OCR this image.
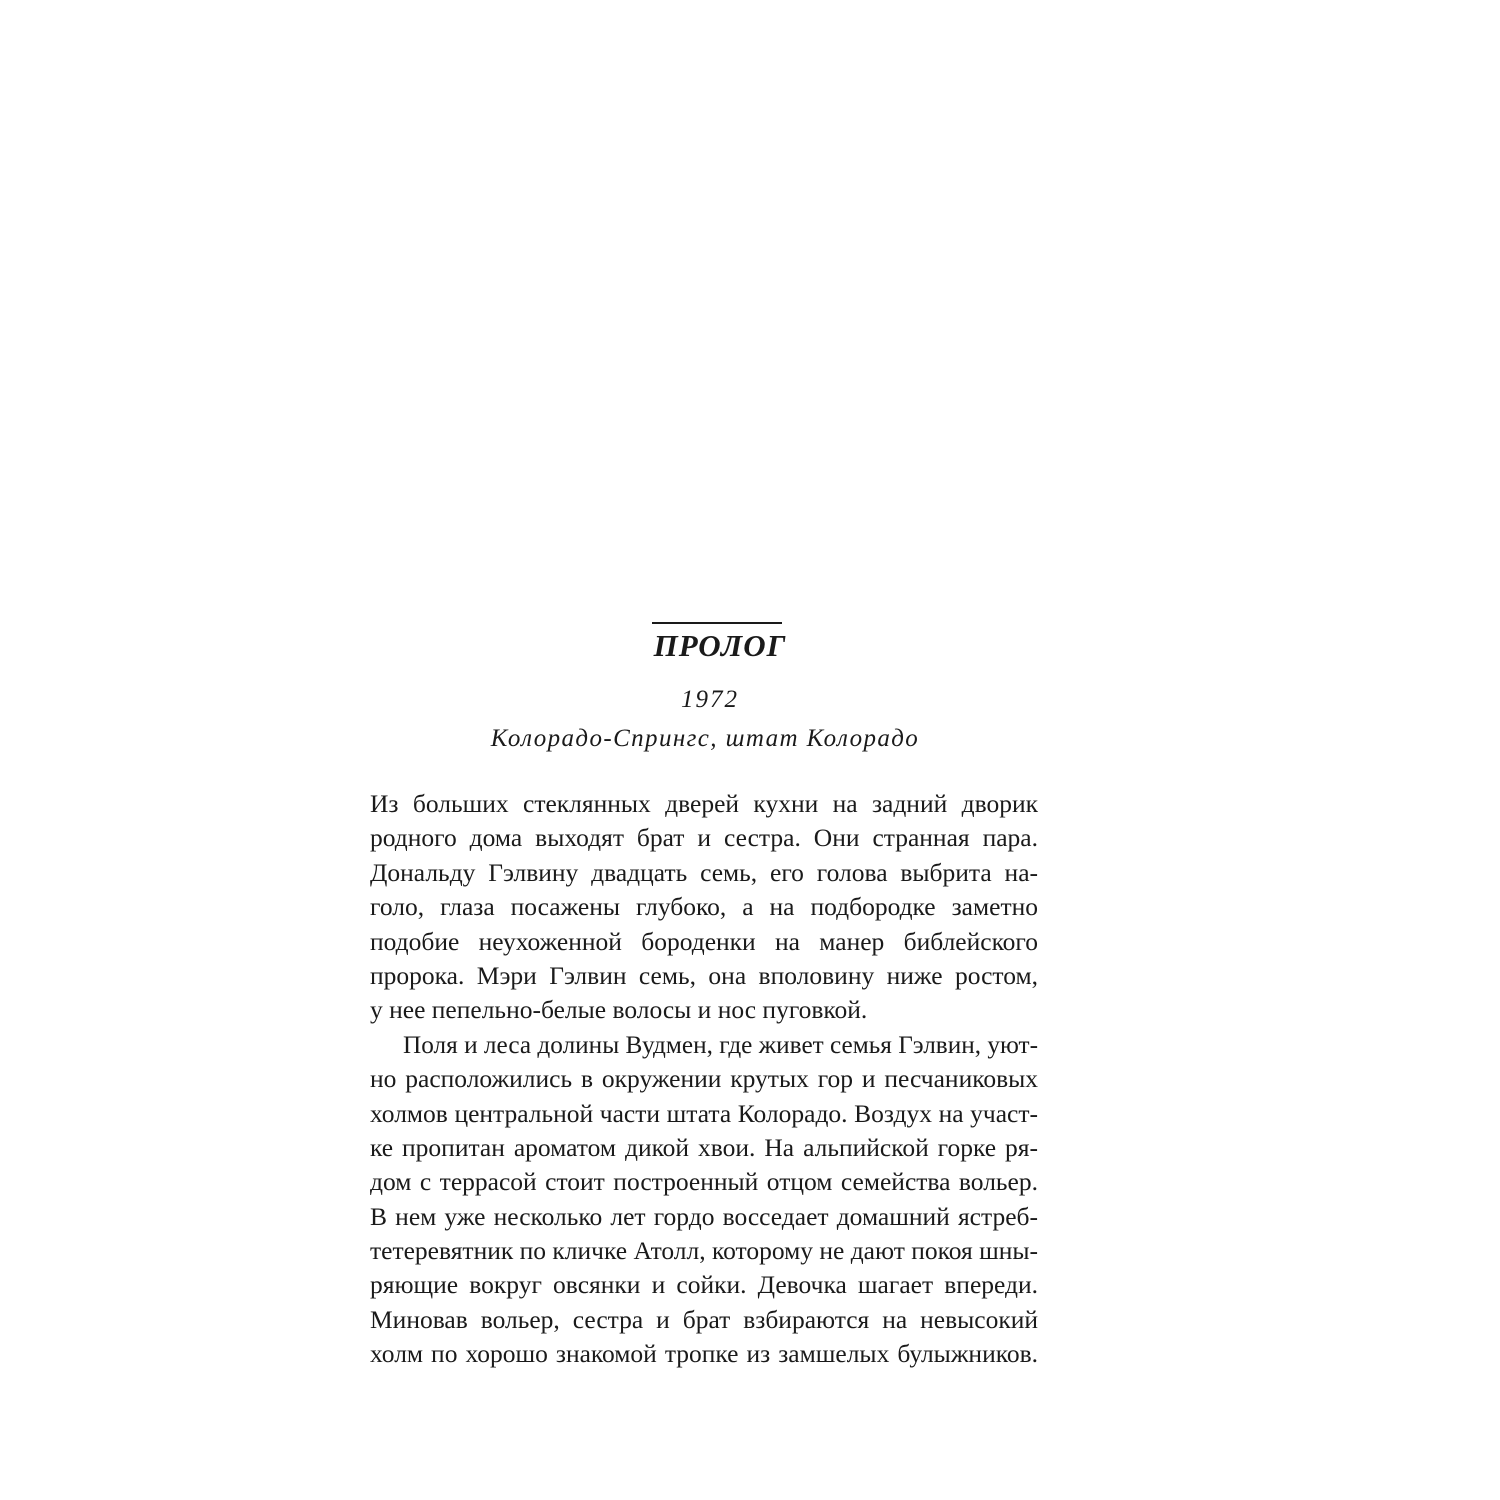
ПРОЛОГ
1972
Колорадо-Спрингс, штат Колорадо
Из больших стеклянных дверей кухни на задний дворик
родного дома выходят брат и сестра. Они странная пара.
Дональду Гэлвину двадцать семь, его голова выбрита на-
голо, глаза посажены глубоко, а на подбородке заметно
подобие неухоженной бороденки на манер библейского
пророка. Мэри Гэлвин семь, она вполовину ниже ростом,
у нее пепельно-белые волосы и нос пуговкой.
Поля и леса долины Вудмен, где живет семья Гэлвин, уют-
но расположились в окружении крутых гор и песчаниковых
холмов центральной части штата Колорадо. Воздух на участ-
ке пропитан ароматом дикой хвои. На альпийской горке ря-
дом с террасой стоит построенный отцом семейства вольер.
В нем уже несколько лет гордо восседает домашний ястреб-
тетеревятник по кличке Атолл, которому не дают покоя шны-
ряющие вокруг овсянки и сойки. Девочка шагает впереди.
Миновав вольер, сестра и брат взбираются на невысокий
холм по хорошо знакомой тропке из замшелых булыжников.
